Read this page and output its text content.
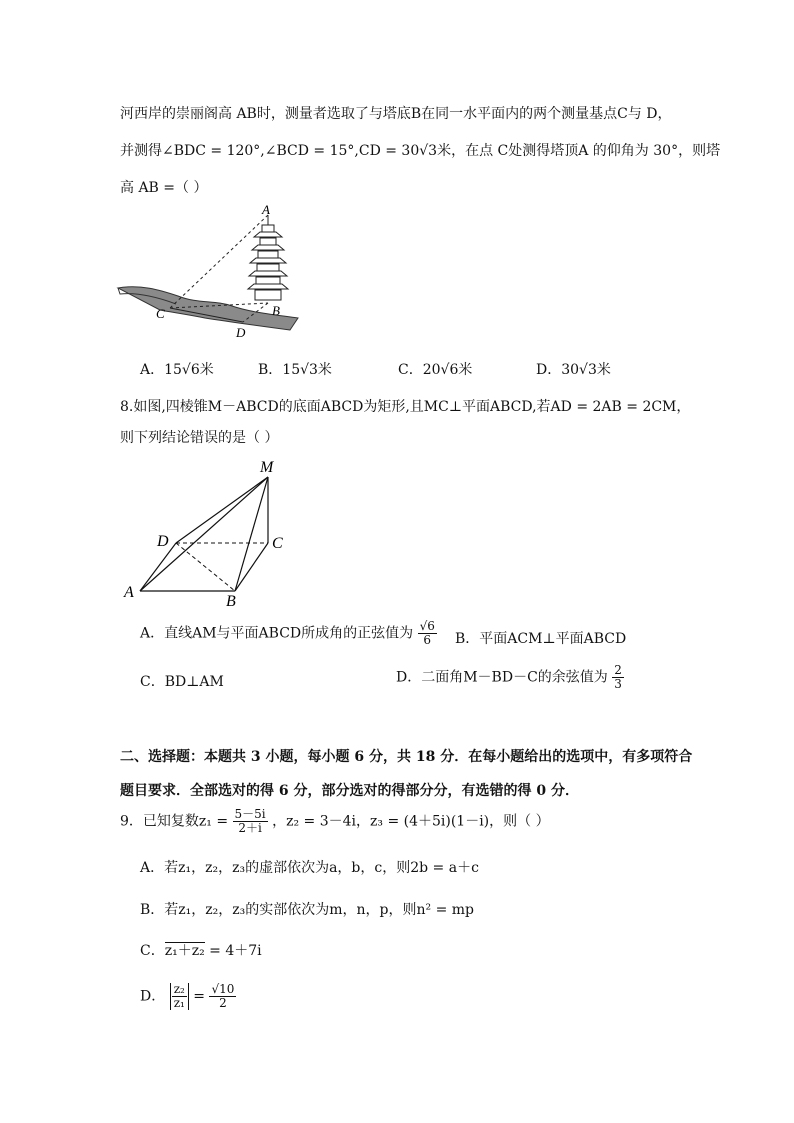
河西岸的崇丽阁高 AB时，测量者选取了与塔底B在同一水平面内的两个测量基点C与 D，
并测得∠BDC = 120°,∠BCD = 15°,CD = 30√3米，在点 C处测得塔顶A 的仰角为 30°，则塔
高 AB =（ ）
A
B
C
D
A．15√6米	B．15√3米	C．20√6米	D．30√3米
8.如图,四棱锥M－ABCD的底面ABCD为矩形,且MC⊥平面ABCD,若AD = 2AB = 2CM，
则下列结论错误的是（ ）
M
D	C
A
B
A．直线AM与平面ABCD所成角的正弦值为 $\frac{√6}{6}$ B．平面ACM⊥平面ABCD
C．BD⊥AM	D．二面角M－BD－C的余弦值为 $\frac{2}{3}$
二、选择题：本题共 3 小题，每小题 6 分，共 18 分．在每小题给出的选项中，有多项符合
题目要求．全部选对的得 6 分，部分选对的得部分分，有选错的得 0 分．
9．已知复数$z_1 = \frac{5-5i}{2+i}$ ，z₂ = 3－4i，z₃ = (4＋5i)(1－i)，则（ ）
A．若z₁，z₂，z₃的虚部依次为a，b，c，则2b = a＋c
B．若z₁，z₂，z₃的实部依次为m，n，p，则n² = mp
C．z₁＋z₂ = 4＋7i
D． $\frac{\text{z₂}}{\text{z₁}} = \frac{√10}{2}$
